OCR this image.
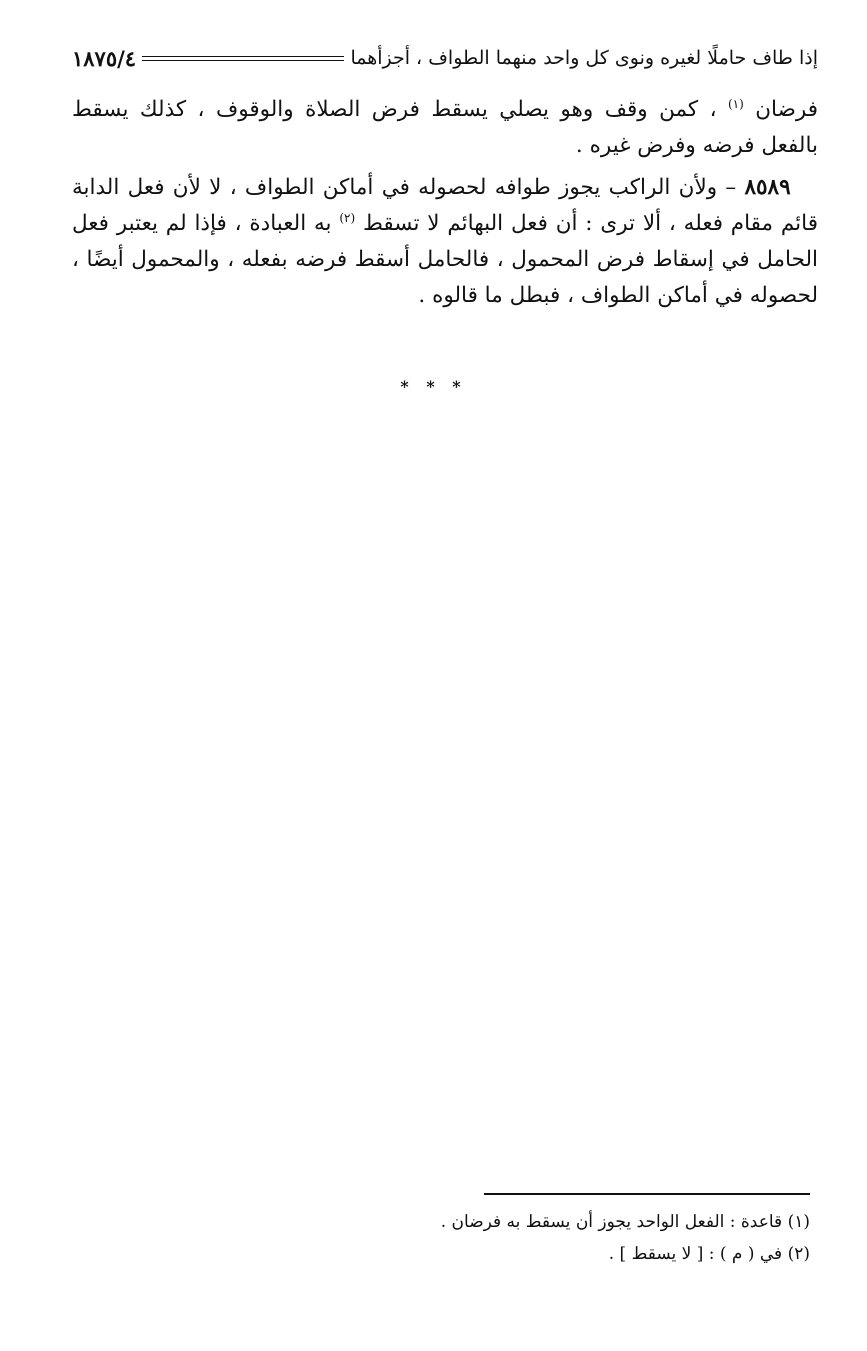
إذا طاف حاملًا لغيره ونوى كل واحد منهما الطواف ، أجزأهما
١٨٧٥/٤

فرضان $^{(١)}$ ، كمن وقف وهو يصلي يسقط فرض الصلاة والوقوف ، كذلك يسقط بالفعل فرضه وفرض غيره .

  ٨٥٨٩ – ولأن الراكب يجوز طوافه لحصوله في أماكن الطواف ، لا لأن فعل الدابة قائم مقام فعله ، ألا ترى : أن فعل البهائم لا تسقط $^{(٢)}$ به العبادة ، فإذا لم يعتبر فعل الحامل في إسقاط فرض المحمول ، فالحامل أسقط فرضه بفعله ، والمحمول أيضًا ، لحصوله في أماكن الطواف ، فبطل ما قالوه .

* * *
(١) قاعدة : الفعل الواحد يجوز أن يسقط به فرضان .
(٢) في ( م ) : [ لا يسقط ] .
